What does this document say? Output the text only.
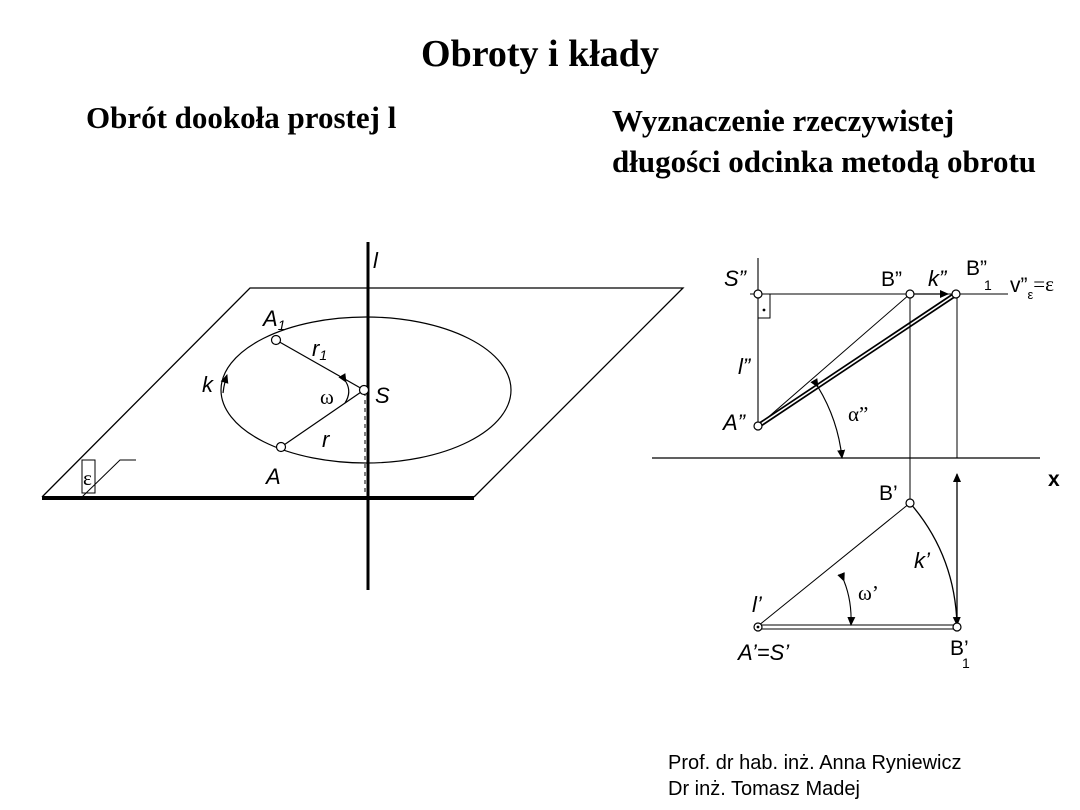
Obroty i kłady
Obrót dookoła prostej l	Wyznaczenie rzeczywistej długości odcinka metodą obrotu
ε
l
k
A1
r1
ω S
r
A	x
α”
ω’
S”	B” k” B” 1 $v”_\varepsilon=\varepsilon$
l”
A”
B’
k’
l’
A’=S’	B’ 1
Prof. dr hab. inż. Anna Ryniewicz
Dr inż. Tomasz Madej
